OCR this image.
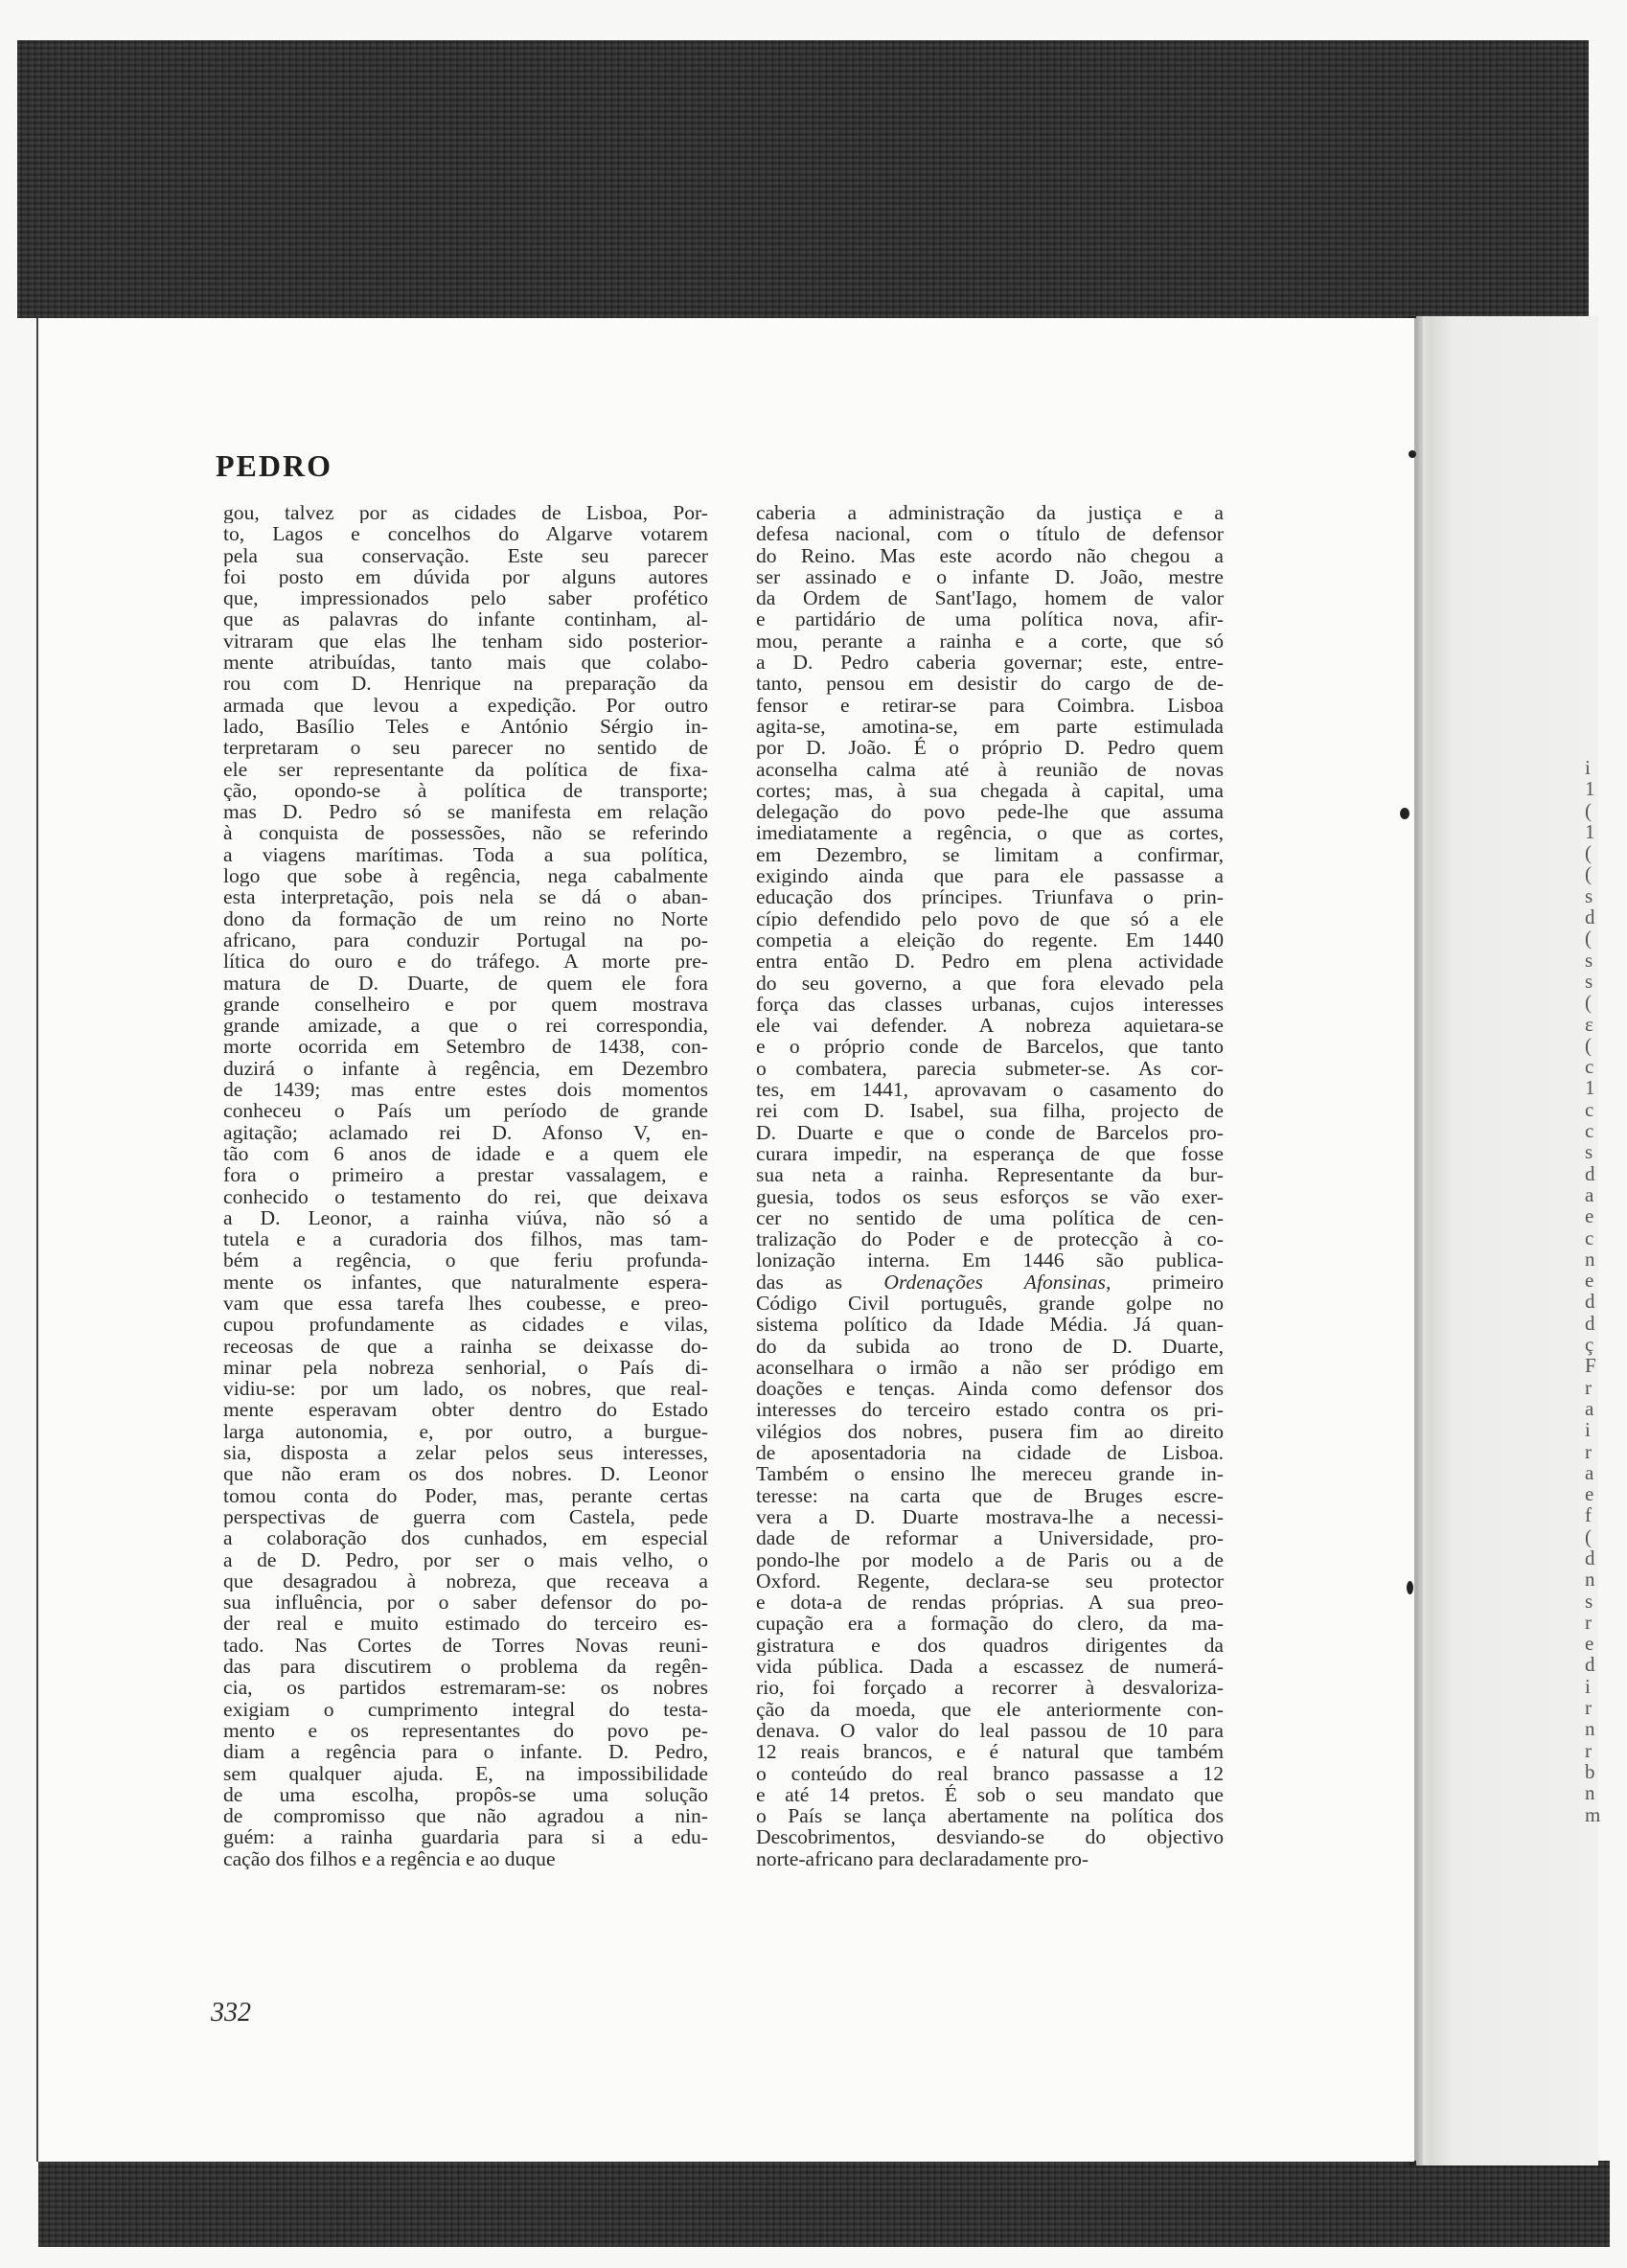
PEDRO
gou, talvez por as cidades de Lisboa, Por-
to, Lagos e concelhos do Algarve votarem
pela sua conservação. Este seu parecer
foi posto em dúvida por alguns autores
que, impressionados pelo saber profético
que as palavras do infante continham, al-
vitraram que elas lhe tenham sido posterior-
mente atribuídas, tanto mais que colabo-
rou com D. Henrique na preparação da
armada que levou a expedição. Por outro
lado, Basílio Teles e António Sérgio in-
terpretaram o seu parecer no sentido de
ele ser representante da política de fixa-
ção, opondo-se à política de transporte;
mas D. Pedro só se manifesta em relação
à conquista de possessões, não se referindo
a viagens marítimas. Toda a sua política,
logo que sobe à regência, nega cabalmente
esta interpretação, pois nela se dá o aban-
dono da formação de um reino no Norte
africano, para conduzir Portugal na po-
lítica do ouro e do tráfego. A morte pre-
matura de D. Duarte, de quem ele fora
grande conselheiro e por quem mostrava
grande amizade, a que o rei correspondia,
morte ocorrida em Setembro de 1438, con-
duzirá o infante à regência, em Dezembro
de 1439; mas entre estes dois momentos
conheceu o País um período de grande
agitação; aclamado rei D. Afonso V, en-
tão com 6 anos de idade e a quem ele
fora o primeiro a prestar vassalagem, e
conhecido o testamento do rei, que deixava
a D. Leonor, a rainha viúva, não só a
tutela e a curadoria dos filhos, mas tam-
bém a regência, o que feriu profunda-
mente os infantes, que naturalmente espera-
vam que essa tarefa lhes coubesse, e preo-
cupou profundamente as cidades e vilas,
receosas de que a rainha se deixasse do-
minar pela nobreza senhorial, o País di-
vidiu-se: por um lado, os nobres, que real-
mente esperavam obter dentro do Estado
larga autonomia, e, por outro, a burgue-
sia, disposta a zelar pelos seus interesses,
que não eram os dos nobres. D. Leonor
tomou conta do Poder, mas, perante certas
perspectivas de guerra com Castela, pede
a colaboração dos cunhados, em especial
a de D. Pedro, por ser o mais velho, o
que desagradou à nobreza, que receava a
sua influência, por o saber defensor do po-
der real e muito estimado do terceiro es-
tado. Nas Cortes de Torres Novas reuni-
das para discutirem o problema da regên-
cia, os partidos estremaram-se: os nobres
exigiam o cumprimento integral do testa-
mento e os representantes do povo pe-
diam a regência para o infante. D. Pedro,
sem qualquer ajuda. E, na impossibilidade
de uma escolha, propôs-se uma solução
de compromisso que não agradou a nin-
guém: a rainha guardaria para si a edu-
cação dos filhos e a regência e ao duque
caberia a administração da justiça e a
defesa nacional, com o título de defensor
do Reino. Mas este acordo não chegou a
ser assinado e o infante D. João, mestre
da Ordem de Sant'Iago, homem de valor
e partidário de uma política nova, afir-
mou, perante a rainha e a corte, que só
a D. Pedro caberia governar; este, entre-
tanto, pensou em desistir do cargo de de-
fensor e retirar-se para Coimbra. Lisboa
agita-se, amotina-se, em parte estimulada
por D. João. É o próprio D. Pedro quem
aconselha calma até à reunião de novas
cortes; mas, à sua chegada à capital, uma
delegação do povo pede-lhe que assuma
imediatamente a regência, o que as cortes,
em Dezembro, se limitam a confirmar,
exigindo ainda que para ele passasse a
educação dos príncipes. Triunfava o prin-
cípio defendido pelo povo de que só a ele
competia a eleição do regente. Em 1440
entra então D. Pedro em plena actividade
do seu governo, a que fora elevado pela
força das classes urbanas, cujos interesses
ele vai defender. A nobreza aquietara-se
e o próprio conde de Barcelos, que tanto
o combatera, parecia submeter-se. As cor-
tes, em 1441, aprovavam o casamento do
rei com D. Isabel, sua filha, projecto de
D. Duarte e que o conde de Barcelos pro-
curara impedir, na esperança de que fosse
sua neta a rainha. Representante da bur-
guesia, todos os seus esforços se vão exer-
cer no sentido de uma política de cen-
tralização do Poder e de protecção à co-
lonização interna. Em 1446 são publica-
das as Ordenações Afonsinas, primeiro
Código Civil português, grande golpe no
sistema político da Idade Média. Já quan-
do da subida ao trono de D. Duarte,
aconselhara o irmão a não ser pródigo em
doações e tenças. Ainda como defensor dos
interesses do terceiro estado contra os pri-
vilégios dos nobres, pusera fim ao direito
de aposentadoria na cidade de Lisboa.
Também o ensino lhe mereceu grande in-
teresse: na carta que de Bruges escre-
vera a D. Duarte mostrava-lhe a necessi-
dade de reformar a Universidade, pro-
pondo-lhe por modelo a de Paris ou a de
Oxford. Regente, declara-se seu protector
e dota-a de rendas próprias. A sua preo-
cupação era a formação do clero, da ma-
gistratura e dos quadros dirigentes da
vida pública. Dada a escassez de numerá-
rio, foi forçado a recorrer à desvaloriza-
ção da moeda, que ele anteriormente con-
denava. O valor do leal passou de 10 para
12 reais brancos, e é natural que também
o conteúdo do real branco passasse a 12
e até 14 pretos. É sob o seu mandato que
o País se lança abertamente na política dos
Descobrimentos, desviando-se do objectivo
norte-africano para declaradamente pro-
332
i
1
(
1
(
(
s
d
(
s
s
(
ε
(
c
1
c
c
s
d
a
e
c
n
e
d
d
ç
F
r
a
i
r
a
e
f
(
d
n
s
r
e
d
i
r
n
r
b
n
m
